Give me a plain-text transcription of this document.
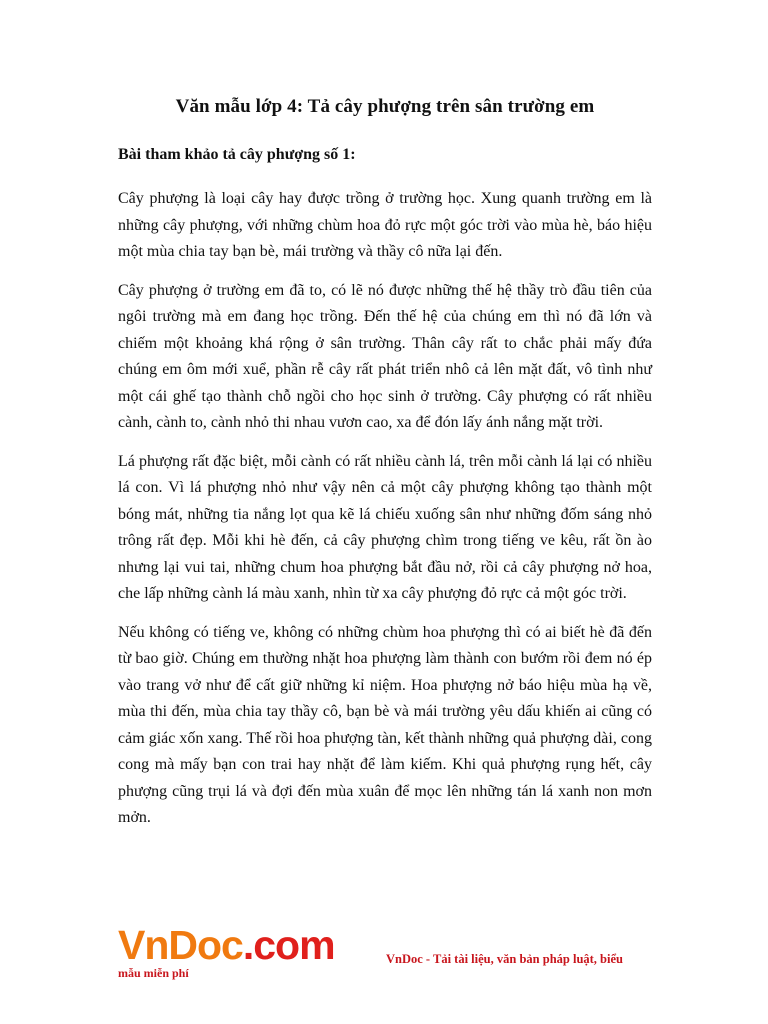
Văn mẫu lớp 4: Tả cây phượng trên sân trường em
Bài tham khảo tả cây phượng số 1:

Cây phượng là loại cây hay được trồng ở trường học. Xung quanh trường em là những cây phượng, với những chùm hoa đỏ rực một góc trời vào mùa hè, báo hiệu một mùa chia tay bạn bè, mái trường và thầy cô nữa lại đến.

Cây phượng ở trường em đã to, có lẽ nó được những thế hệ thầy trò đầu tiên của ngôi trường mà em đang học trồng. Đến thế hệ của chúng em thì nó đã lớn và chiếm một khoảng khá rộng ở sân trường. Thân cây rất to chắc phải mấy đứa chúng em ôm mới xuể, phần rễ cây rất phát triển nhô cả lên mặt đất, vô tình như một cái ghế tạo thành chỗ ngồi cho học sinh ở trường. Cây phượng có rất nhiều cành, cành to, cành nhỏ thi nhau vươn cao, xa để đón lấy ánh nắng mặt trời.

Lá phượng rất đặc biệt, mỗi cành có rất nhiều cành lá, trên mỗi cành lá lại có nhiều lá con. Vì lá phượng nhỏ như vậy nên cả một cây phượng không tạo thành một bóng mát, những tia nắng lọt qua kẽ lá chiếu xuống sân như những đốm sáng nhỏ trông rất đẹp. Mỗi khi hè đến, cả cây phượng chìm trong tiếng ve kêu, rất ồn ào nhưng lại vui tai, những chum hoa phượng bắt đầu nở, rồi cả cây phượng nở hoa, che lấp những cành lá màu xanh, nhìn từ xa cây phượng đỏ rực cả một góc trời.

Nếu không có tiếng ve, không có những chùm hoa phượng thì có ai biết hè đã đến từ bao giờ. Chúng em thường nhặt hoa phượng làm thành con bướm rồi đem nó ép vào trang vở như để cất giữ những kỉ niệm. Hoa phượng nở báo hiệu mùa hạ về, mùa thi đến, mùa chia tay thầy cô, bạn bè và mái trường yêu dấu khiến ai cũng có cảm giác xốn xang. Thế rồi hoa phượng tàn, kết thành những quả phượng dài, cong cong mà mấy bạn con trai hay nhặt để làm kiếm. Khi quả phượng rụng hết, cây phượng cũng trụi lá và đợi đến mùa xuân để mọc lên những tán lá xanh non mơn mởn.

VnDoc.com
mẫu miễn phí
VnDoc - Tải tài liệu, văn bản pháp luật, biểu
